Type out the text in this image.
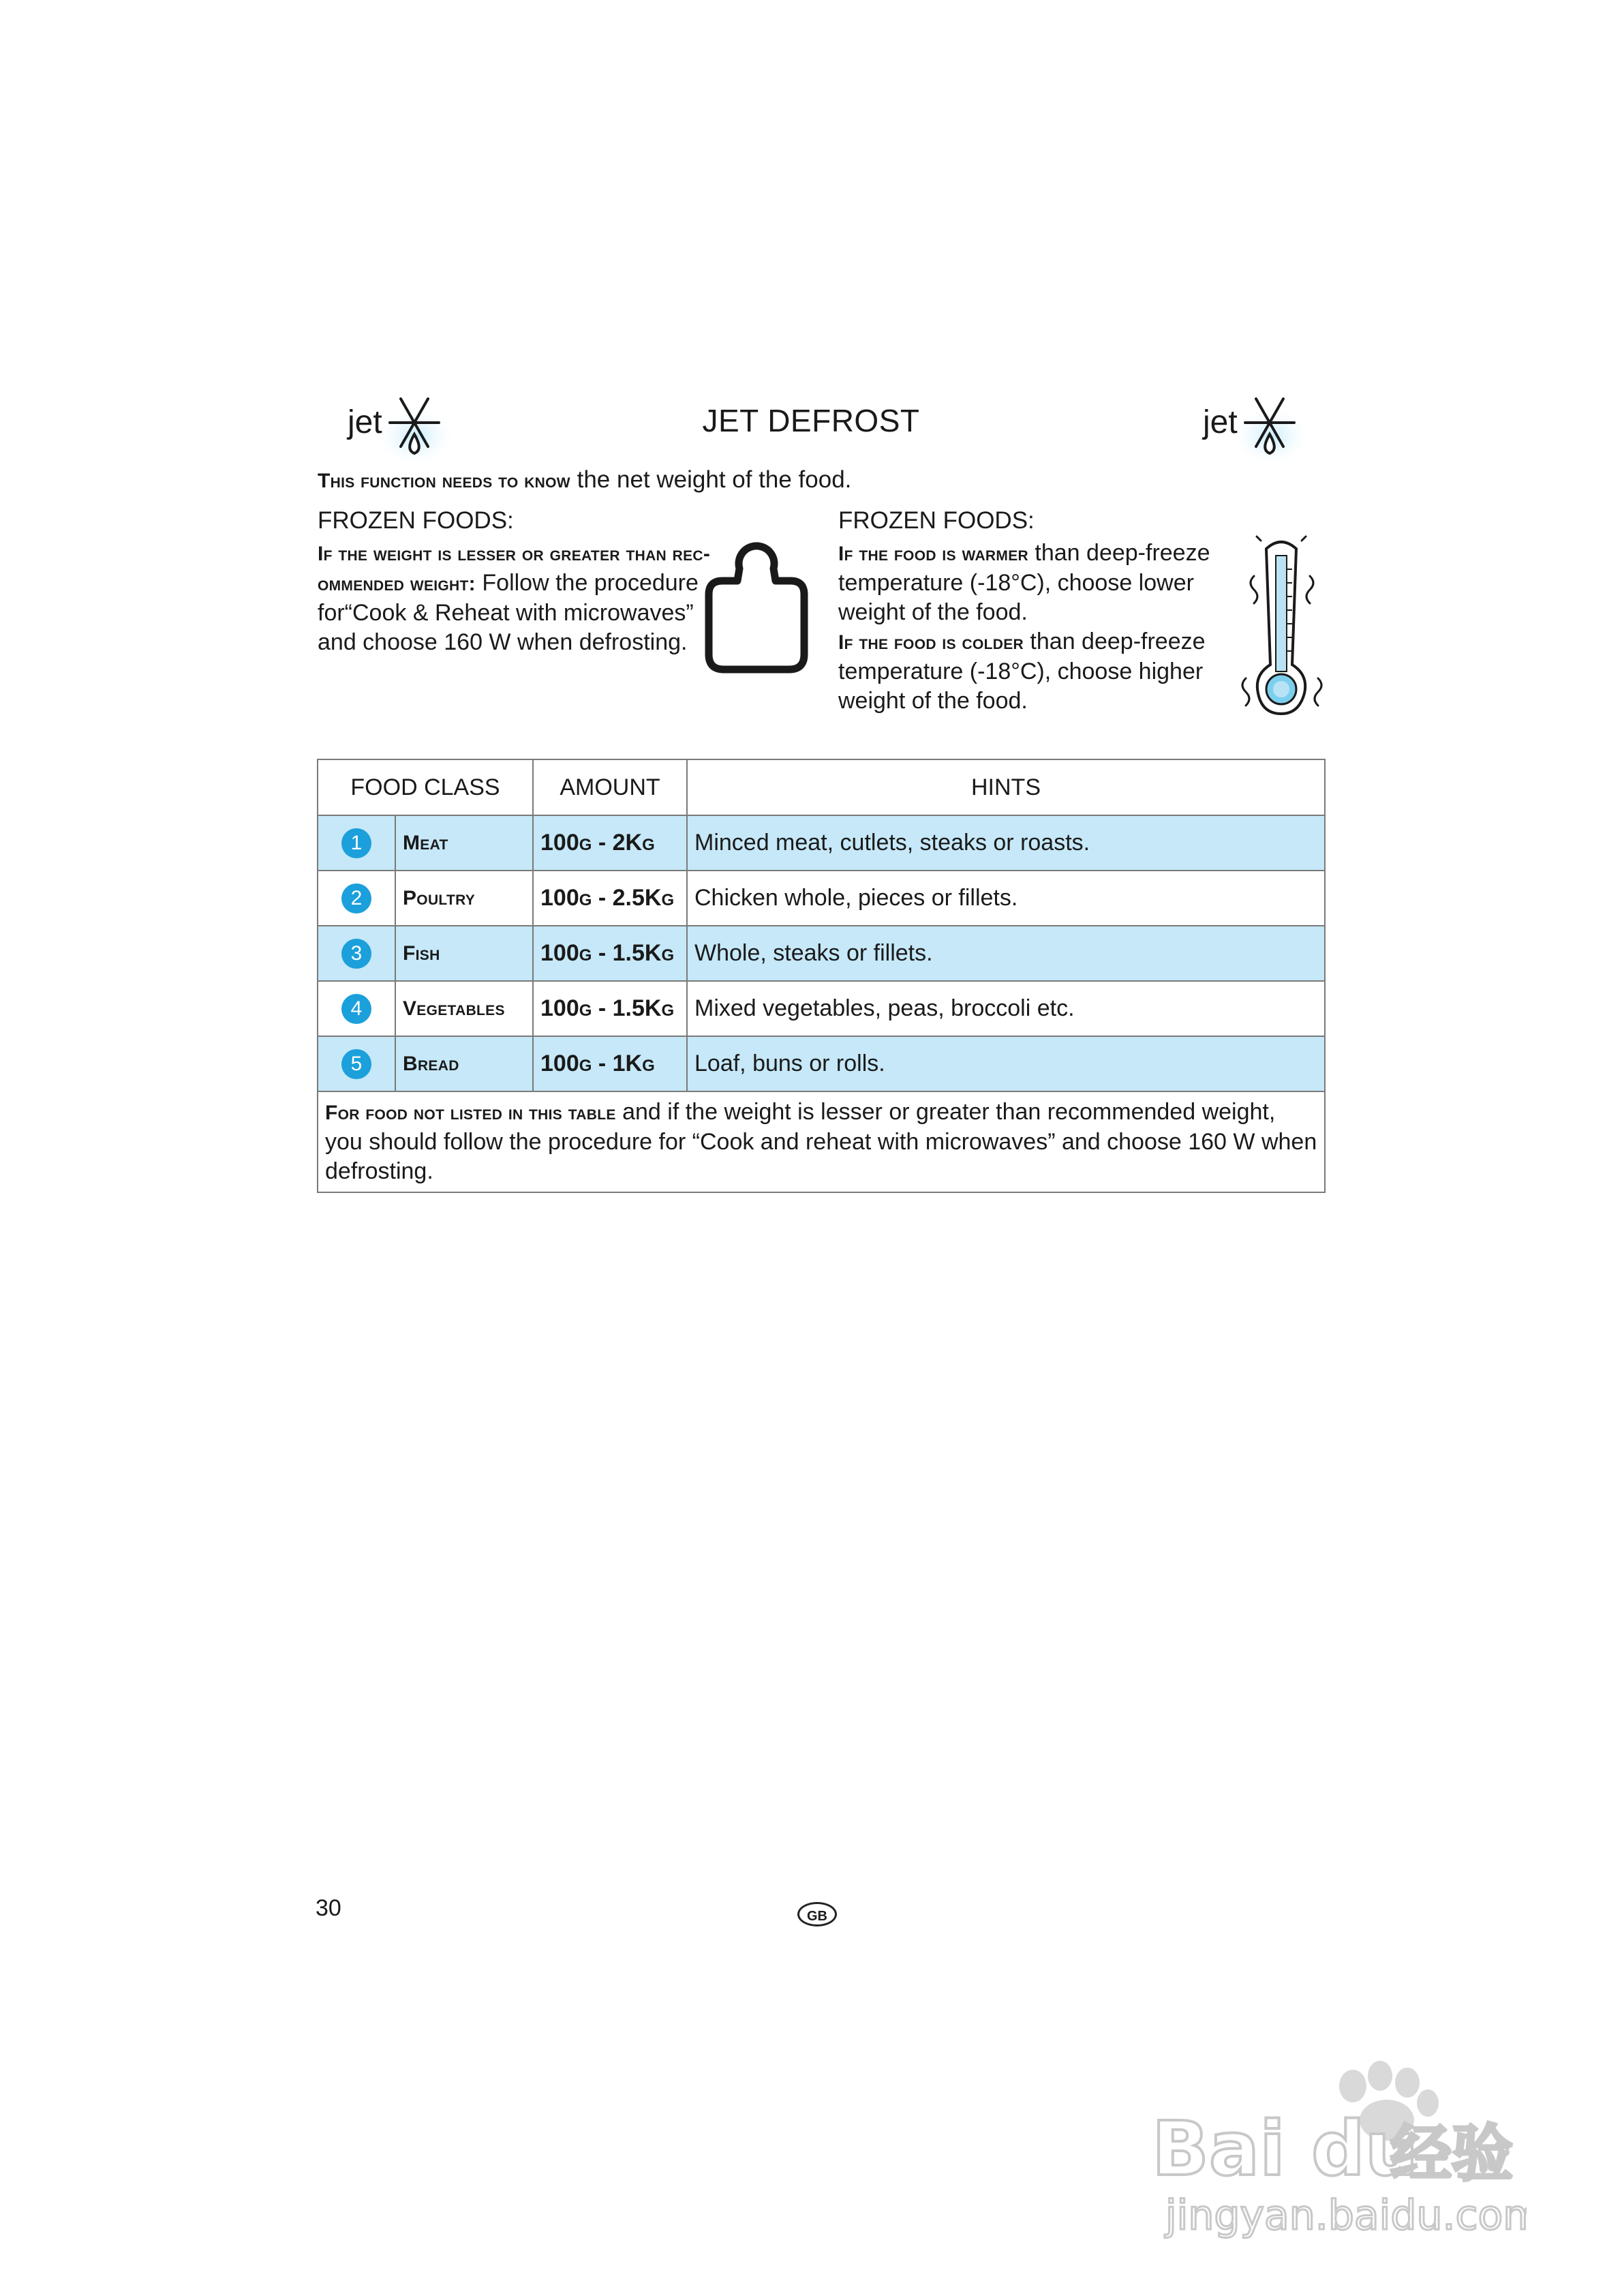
jet	jet
JET DEFROST
This function needs to know the net weight of the food.
FROZEN FOODS:
If the weight is lesser or greater than rec-ommended weight: Follow the procedure for“Cook & Reheat with microwaves” and choose 160 W when defrosting.
FROZEN FOODS:
If the food is warmer than deep-freeze temperature (-18°C), choose lower weight of the food.
If the food is colder than deep-freeze temperature (-18°C), choose higher weight of the food.
FOOD CLASS		AMOUNT	HINTS
1	Meat	100g - 2Kg	Minced meat, cutlets, steaks or roasts.
2	Poultry	100g - 2.5Kg	Chicken whole, pieces or fillets.
3	Fish	100g - 1.5Kg	Whole, steaks or fillets.
4	Vegetables	100g - 1.5Kg	Mixed vegetables, peas, broccoli etc.
5	Bread	100g - 1Kg	Loaf, buns or rolls.
For food not listed in this table and if the weight is lesser or greater than recommended weight, you should follow the procedure for “Cook and reheat with microwaves” and choose 160 W when defrosting.			
30	GB
Bai du
经验
jingyan.baidu.com
